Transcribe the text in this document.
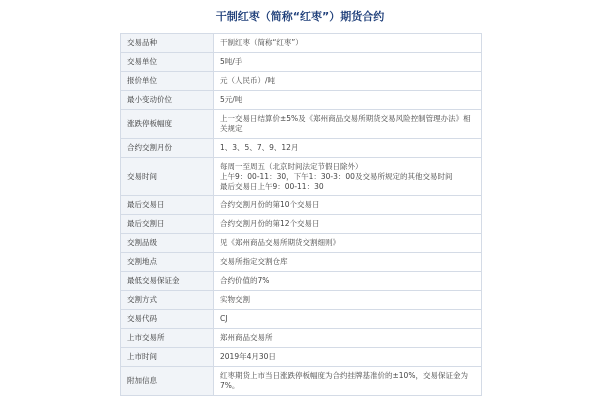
干制红枣（简称“红枣”）期货合约
交易品种	干制红枣（简称“红枣”）
交易单位	5吨/手
报价单位	元（人民币）/吨
最小变动价位	5元/吨
涨跌停板幅度	上一交易日结算价±5%及《郑州商品交易所期货交易风险控制管理办法》相关规定
合约交割月份	1、3、5、7、9、12月
交易时间	每周一至周五（北京时间法定节假日除外）
上午9：00-11：30，下午1：30-3：00及交易所规定的其他交易时间
最后交易日上午9：00-11：30
最后交易日	合约交割月份的第10个交易日
最后交割日	合约交割月份的第12个交易日
交割品级	见《郑州商品交易所期货交割细则》
交割地点	交易所指定交割仓库
最低交易保证金	合约价值的7%
交割方式	实物交割
交易代码	CJ
上市交易所	郑州商品交易所
上市时间	2019年4月30日
附加信息	红枣期货上市当日涨跌停板幅度为合约挂牌基准价的±10%，交易保证金为7%。
